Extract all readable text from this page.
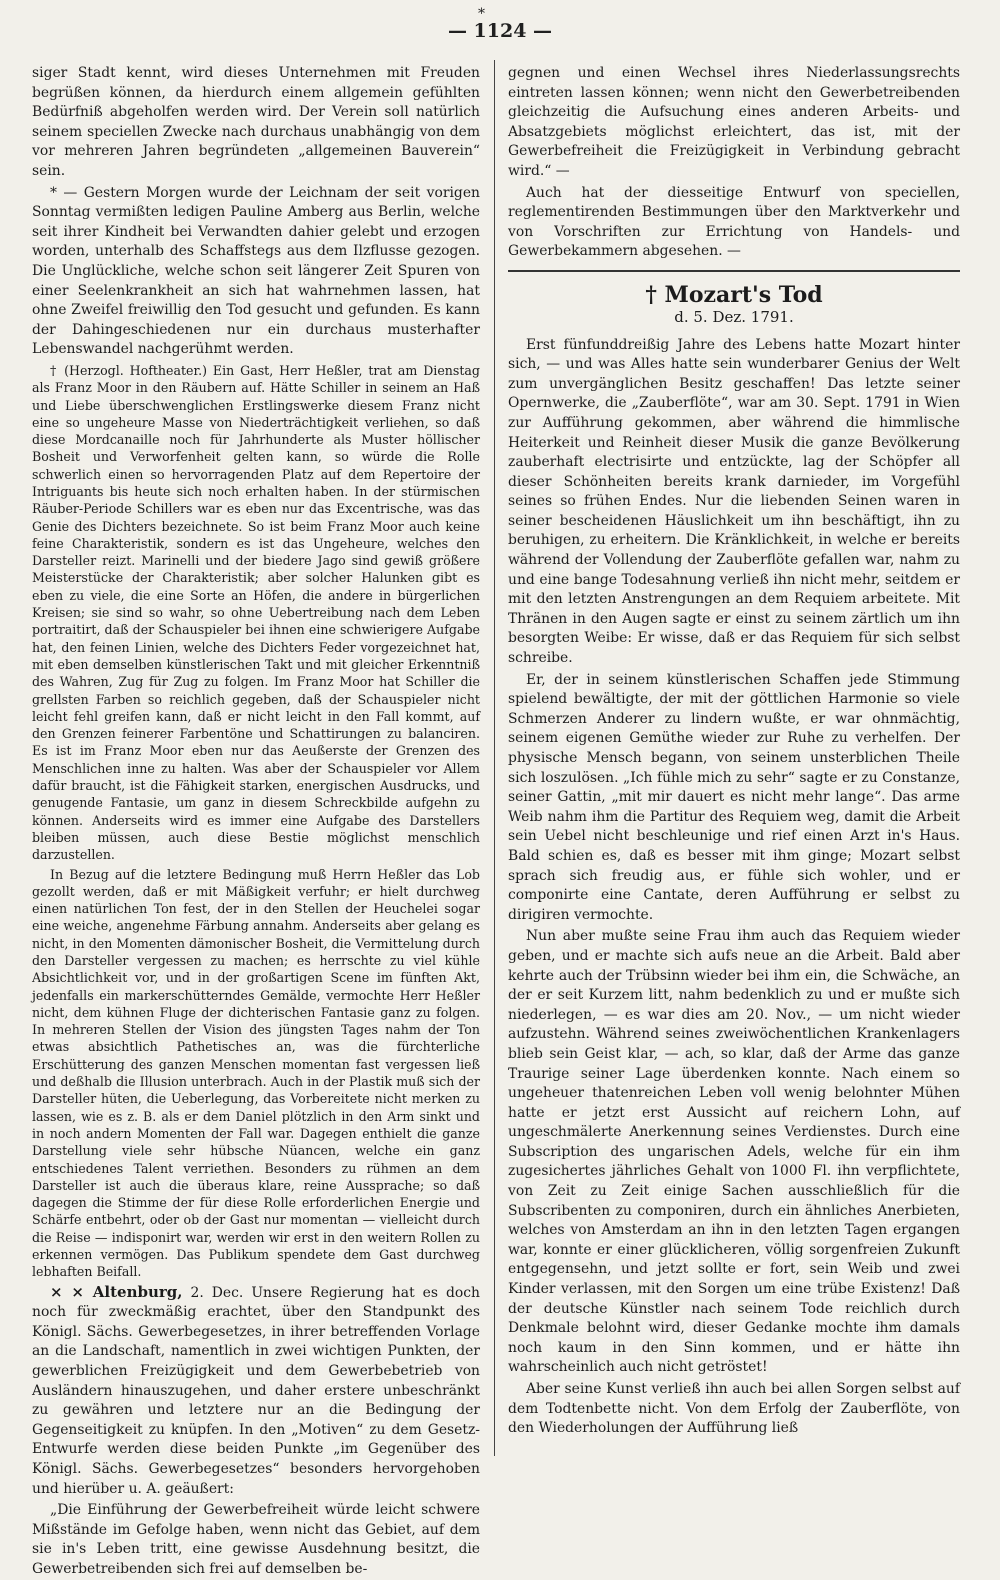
*
— 1124 —

siger Stadt kennt, wird dieses Unternehmen mit Freuden begrüßen können, da hierdurch einem allgemein gefühlten Bedürfniß abgeholfen werden wird. Der Verein soll natürlich seinem speciellen Zwecke nach durchaus unabhängig von dem vor mehreren Jahren begründeten „allgemeinen Bauverein“ sein.

* — Gestern Morgen wurde der Leichnam der seit vorigen Sonntag vermißten ledigen Pauline Amberg aus Berlin, welche seit ihrer Kindheit bei Verwandten dahier gelebt und erzogen worden, unterhalb des Schaffstegs aus dem Ilzflusse gezogen. Die Unglückliche, welche schon seit längerer Zeit Spuren von einer Seelenkrankheit an sich hat wahrnehmen lassen, hat ohne Zweifel freiwillig den Tod gesucht und gefunden. Es kann der Dahingeschiedenen nur ein durchaus musterhafter Lebenswandel nachgerühmt werden.

† (Herzogl. Hoftheater.) Ein Gast, Herr Heßler, trat am Dienstag als Franz Moor in den Räubern auf. Hätte Schiller in seinem an Haß und Liebe überschwenglichen Erstlingswerke diesem Franz nicht eine so ungeheure Masse von Niederträchtigkeit verliehen, so daß diese Mordcanaille noch für Jahrhunderte als Muster höllischer Bosheit und Verworfenheit gelten kann, so würde die Rolle schwerlich einen so hervorragenden Platz auf dem Repertoire der Intriguants bis heute sich noch erhalten haben. In der stürmischen Räuber-Periode Schillers war es eben nur das Excentrische, was das Genie des Dichters bezeichnete. So ist beim Franz Moor auch keine feine Charakteristik, sondern es ist das Ungeheure, welches den Darsteller reizt. Marinelli und der biedere Jago sind gewiß größere Meisterstücke der Charakteristik; aber solcher Halunken gibt es eben zu viele, die eine Sorte an Höfen, die andere in bürgerlichen Kreisen; sie sind so wahr, so ohne Uebertreibung nach dem Leben portraitirt, daß der Schauspieler bei ihnen eine schwierigere Aufgabe hat, den feinen Linien, welche des Dichters Feder vorgezeichnet hat, mit eben demselben künstlerischen Takt und mit gleicher Erkenntniß des Wahren, Zug für Zug zu folgen. Im Franz Moor hat Schiller die grellsten Farben so reichlich gegeben, daß der Schauspieler nicht leicht fehl greifen kann, daß er nicht leicht in den Fall kommt, auf den Grenzen feinerer Farbentöne und Schattirungen zu balanciren. Es ist im Franz Moor eben nur das Aeußerste der Grenzen des Menschlichen inne zu halten. Was aber der Schauspieler vor Allem dafür braucht, ist die Fähigkeit starken, energischen Ausdrucks, und genugende Fantasie, um ganz in diesem Schreckbilde aufgehn zu können. Anderseits wird es immer eine Aufgabe des Darstellers bleiben müssen, auch diese Bestie möglichst menschlich darzustellen.

In Bezug auf die letztere Bedingung muß Herrn Heßler das Lob gezollt werden, daß er mit Mäßigkeit verfuhr; er hielt durchweg einen natürlichen Ton fest, der in den Stellen der Heuchelei sogar eine weiche, angenehme Färbung annahm. Anderseits aber gelang es nicht, in den Momenten dämonischer Bosheit, die Vermittelung durch den Darsteller vergessen zu machen; es herrschte zu viel kühle Absichtlichkeit vor, und in der großartigen Scene im fünften Akt, jedenfalls ein markerschütterndes Gemälde, vermochte Herr Heßler nicht, dem kühnen Fluge der dichterischen Fantasie ganz zu folgen. In mehreren Stellen der Vision des jüngsten Tages nahm der Ton etwas absichtlich Pathetisches an, was die fürchterliche Erschütterung des ganzen Menschen momentan fast vergessen ließ und deßhalb die Illusion unterbrach. Auch in der Plastik muß sich der Darsteller hüten, die Ueberlegung, das Vorbereitete nicht merken zu lassen, wie es z. B. als er dem Daniel plötzlich in den Arm sinkt und in noch andern Momenten der Fall war. Dagegen enthielt die ganze Darstellung viele sehr hübsche Nüancen, welche ein ganz entschiedenes Talent verriethen. Besonders zu rühmen an dem Darsteller ist auch die überaus klare, reine Aussprache; so daß dagegen die Stimme der für diese Rolle erforderlichen Energie und Schärfe entbehrt, oder ob der Gast nur momentan — vielleicht durch die Reise — indisponirt war, werden wir erst in den weitern Rollen zu erkennen vermögen. Das Publikum spendete dem Gast durchweg lebhaften Beifall.

× × Altenburg, 2. Dec. Unsere Regierung hat es doch noch für zweckmäßig erachtet, über den Standpunkt des Königl. Sächs. Gewerbegesetzes, in ihrer betreffenden Vorlage an die Landschaft, namentlich in zwei wichtigen Punkten, der gewerblichen Freizügigkeit und dem Gewerbebetrieb von Ausländern hinauszugehen, und daher erstere unbeschränkt zu gewähren und letztere nur an die Bedingung der Gegenseitigkeit zu knüpfen. In den „Motiven“ zu dem Gesetz-Entwurfe werden diese beiden Punkte „im Gegenüber des Königl. Sächs. Gewerbegesetzes“ besonders hervorgehoben und hierüber u. A. geäußert:

„Die Einführung der Gewerbefreiheit würde leicht schwere Mißstände im Gefolge haben, wenn nicht das Gebiet, auf dem sie in's Leben tritt, eine gewisse Ausdehnung besitzt, die Gewerbetreibenden sich frei auf demselben be-

gegnen und einen Wechsel ihres Niederlassungsrechts eintreten lassen können; wenn nicht den Gewerbetreibenden gleichzeitig die Aufsuchung eines anderen Arbeits- und Absatzgebiets möglichst erleichtert, das ist, mit der Gewerbefreiheit die Freizügigkeit in Verbindung gebracht wird.“ —

Auch hat der diesseitige Entwurf von speciellen, reglementirenden Bestimmungen über den Marktverkehr und von Vorschriften zur Errichtung von Handels- und Gewerbekammern abgesehen. —

† Mozart's Tod
d. 5. Dez. 1791.

Erst fünfunddreißig Jahre des Lebens hatte Mozart hinter sich, — und was Alles hatte sein wunderbarer Genius der Welt zum unvergänglichen Besitz geschaffen! Das letzte seiner Opernwerke, die „Zauberflöte“, war am 30. Sept. 1791 in Wien zur Aufführung gekommen, aber während die himmlische Heiterkeit und Reinheit dieser Musik die ganze Bevölkerung zauberhaft electrisirte und entzückte, lag der Schöpfer all dieser Schönheiten bereits krank darnieder, im Vorgefühl seines so frühen Endes. Nur die liebenden Seinen waren in seiner bescheidenen Häuslichkeit um ihn beschäftigt, ihn zu beruhigen, zu erheitern. Die Kränklichkeit, in welche er bereits während der Vollendung der Zauberflöte gefallen war, nahm zu und eine bange Todesahnung verließ ihn nicht mehr, seitdem er mit den letzten Anstrengungen an dem Requiem arbeitete. Mit Thränen in den Augen sagte er einst zu seinem zärtlich um ihn besorgten Weibe: Er wisse, daß er das Requiem für sich selbst schreibe.

Er, der in seinem künstlerischen Schaffen jede Stimmung spielend bewältigte, der mit der göttlichen Harmonie so viele Schmerzen Anderer zu lindern wußte, er war ohnmächtig, seinem eigenen Gemüthe wieder zur Ruhe zu verhelfen. Der physische Mensch begann, von seinem unsterblichen Theile sich loszulösen. „Ich fühle mich zu sehr“ sagte er zu Constanze, seiner Gattin, „mit mir dauert es nicht mehr lange“. Das arme Weib nahm ihm die Partitur des Requiem weg, damit die Arbeit sein Uebel nicht beschleunige und rief einen Arzt in's Haus. Bald schien es, daß es besser mit ihm ginge; Mozart selbst sprach sich freudig aus, er fühle sich wohler, und er componirte eine Cantate, deren Aufführung er selbst zu dirigiren vermochte.

Nun aber mußte seine Frau ihm auch das Requiem wieder geben, und er machte sich aufs neue an die Arbeit. Bald aber kehrte auch der Trübsinn wieder bei ihm ein, die Schwäche, an der er seit Kurzem litt, nahm bedenklich zu und er mußte sich niederlegen, — es war dies am 20. Nov., — um nicht wieder aufzustehn. Während seines zweiwöchentlichen Krankenlagers blieb sein Geist klar, — ach, so klar, daß der Arme das ganze Traurige seiner Lage überdenken konnte. Nach einem so ungeheuer thatenreichen Leben voll wenig belohnter Mühen hatte er jetzt erst Aussicht auf reichern Lohn, auf ungeschmälerte Anerkennung seines Verdienstes. Durch eine Subscription des ungarischen Adels, welche für ein ihm zugesichertes jährliches Gehalt von 1000 Fl. ihn verpflichtete, von Zeit zu Zeit einige Sachen ausschließlich für die Subscribenten zu componiren, durch ein ähnliches Anerbieten, welches von Amsterdam an ihn in den letzten Tagen ergangen war, konnte er einer glücklicheren, völlig sorgenfreien Zukunft entgegensehn, und jetzt sollte er fort, sein Weib und zwei Kinder verlassen, mit den Sorgen um eine trübe Existenz! Daß der deutsche Künstler nach seinem Tode reichlich durch Denkmale belohnt wird, dieser Gedanke mochte ihm damals noch kaum in den Sinn kommen, und er hätte ihn wahrscheinlich auch nicht getröstet!

Aber seine Kunst verließ ihn auch bei allen Sorgen selbst auf dem Todtenbette nicht. Von dem Erfolg der Zauberflöte, von den Wiederholungen der Aufführung ließ
